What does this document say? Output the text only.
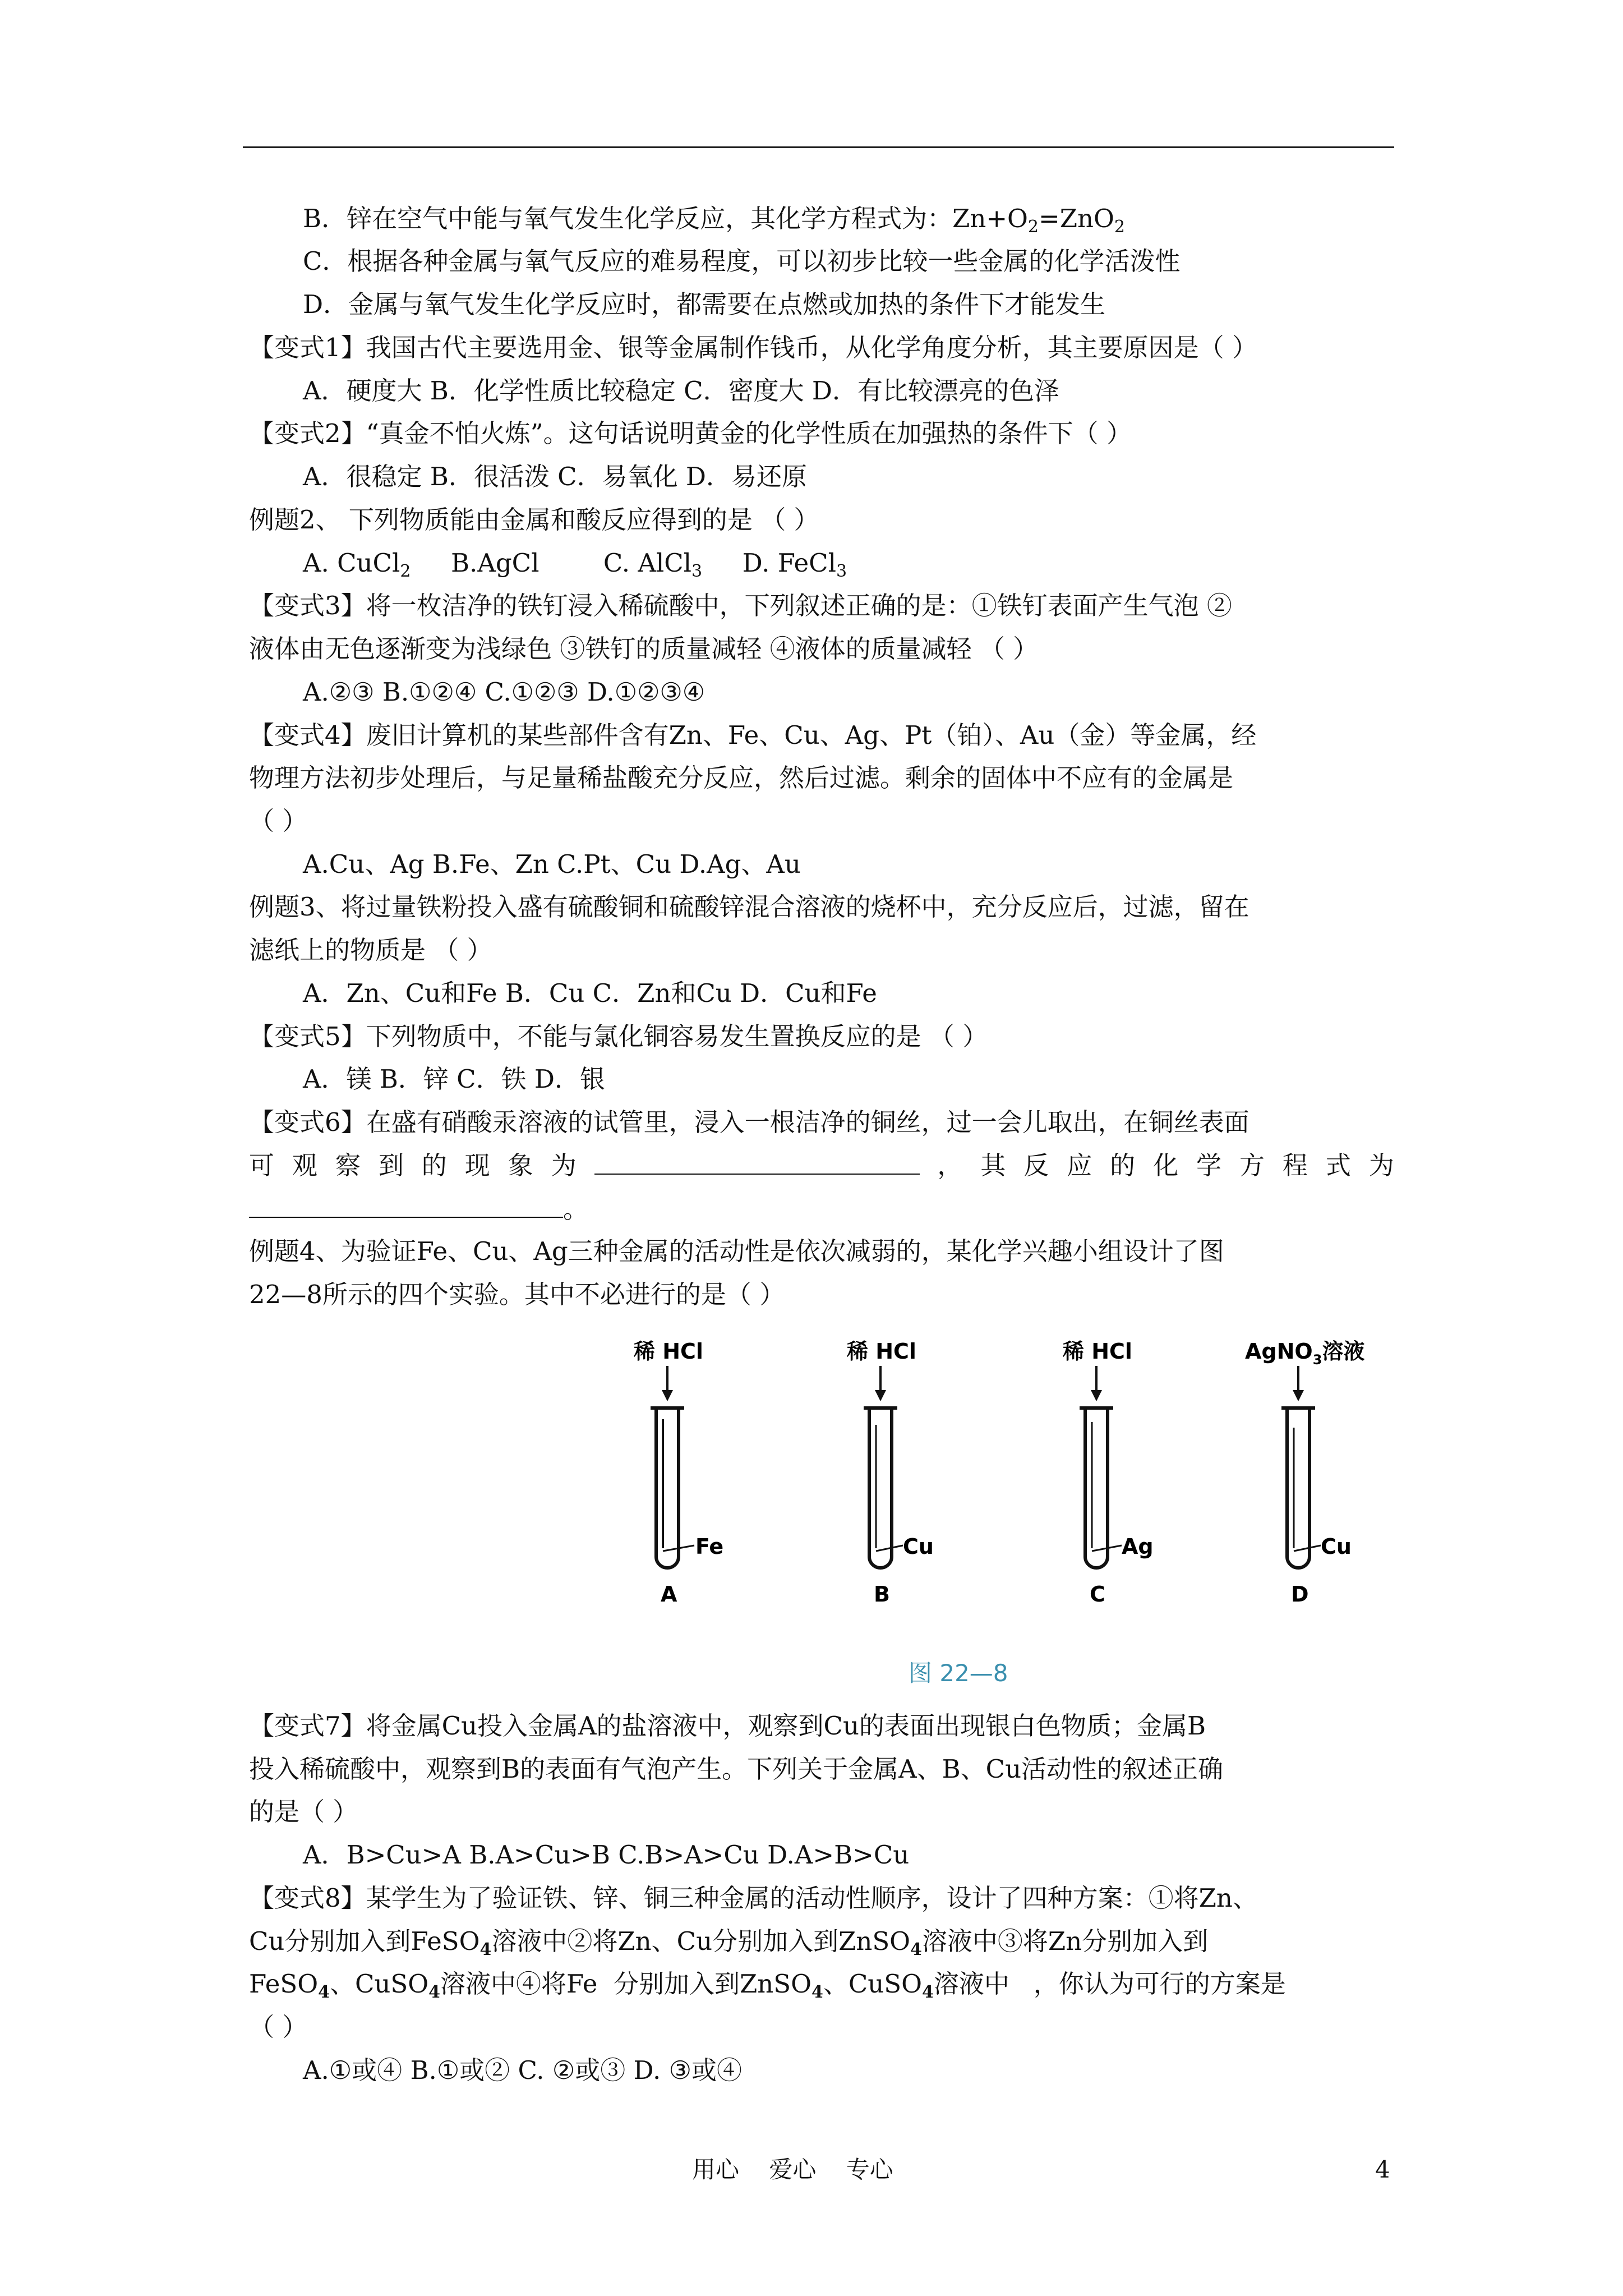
B．锌在空气中能与氧气发生化学反应，其化学方程式为：$Zn+O_2=ZnO_2$
C．根据各种金属与氧气反应的难易程度，可以初步比较一些金属的化学活泼性
D．金属与氧气发生化学反应时，都需要在点燃或加热的条件下才能发生
【变式1】我国古代主要选用金、银等金属制作钱币，从化学角度分析，其主要原因是（ ）
A．硬度大 B．化学性质比较稳定 C．密度大 D．有比较漂亮的色泽
【变式2】“真金不怕火炼”。这句话说明黄金的化学性质在加强热的条件下（ ）
A．很稳定 B．很活泼 C．易氧化 D．易还原
例题2、 下列物质能由金属和酸反应得到的是 （ ）
A. CuCl$_2$     B.AgCl        C. AlCl$_3$     D. FeCl$_3$
【变式3】将一枚洁净的铁钉浸入稀硫酸中，下列叙述正确的是：①铁钉表面产生气泡 ②
液体由无色逐渐变为浅绿色 ③铁钉的质量减轻 ④液体的质量减轻 （ ）
A.②③ B.①②④ C.①②③ D.①②③④
【变式4】废旧计算机的某些部件含有Zn、Fe、Cu、Ag、Pt（铂）、Au（金）等金属，经
物理方法初步处理后，与足量稀盐酸充分反应，然后过滤。剩余的固体中不应有的金属是
（ ）
A.Cu、Ag B.Fe、Zn C.Pt、Cu D.Ag、Au
例题3、将过量铁粉投入盛有硫酸铜和硫酸锌混合溶液的烧杯中，充分反应后，过滤，留在
滤纸上的物质是 （ ）
A．Zn、Cu和Fe B．Cu C．Zn和Cu D．Cu和Fe
【变式5】下列物质中，不能与氯化铜容易发生置换反应的是 （ ）
A．镁 B．锌 C．铁 D．银
【变式6】在盛有硝酸汞溶液的试管里，浸入一根洁净的铜丝，过一会儿取出，在铜丝表面
可 观 察 到 的 现 象 为	， 其 反 应 的 化 学 方 程 式 为
。
例题4、为验证Fe、Cu、Ag三种金属的活动性是依次减弱的，某化学兴趣小组设计了图
22—8所示的四个实验。其中不必进行的是（ ）
稀 HCl
Fe
A
稀 HCl
Cu
B
稀 HCl
Ag
C
AgNO$_3$溶液
Cu
D
图 22—8
【变式7】将金属Cu投入金属A的盐溶液中，观察到Cu的表面出现银白色物质；金属B
投入稀硫酸中，观察到B的表面有气泡产生。下列关于金属A、B、Cu活动性的叙述正确
的是（ ）
A．B>Cu>A B.A>Cu>B C.B>A>Cu D.A>B>Cu
【变式8】某学生为了验证铁、锌、铜三种金属的活动性顺序，设计了四种方案：①将Zn、
Cu分别加入到FeSO$_4$溶液中②将Zn、Cu分别加入到ZnSO$_4$溶液中③将Zn分别加入到
FeSO$_4$、CuSO$_4$溶液中④将Fe  分别加入到ZnSO$_4$、CuSO$_4$溶液中   ，你认为可行的方案是
（ ）
A.①或④ B.①或② C. ②或③ D. ③或④
用心    爱心    专心	4
